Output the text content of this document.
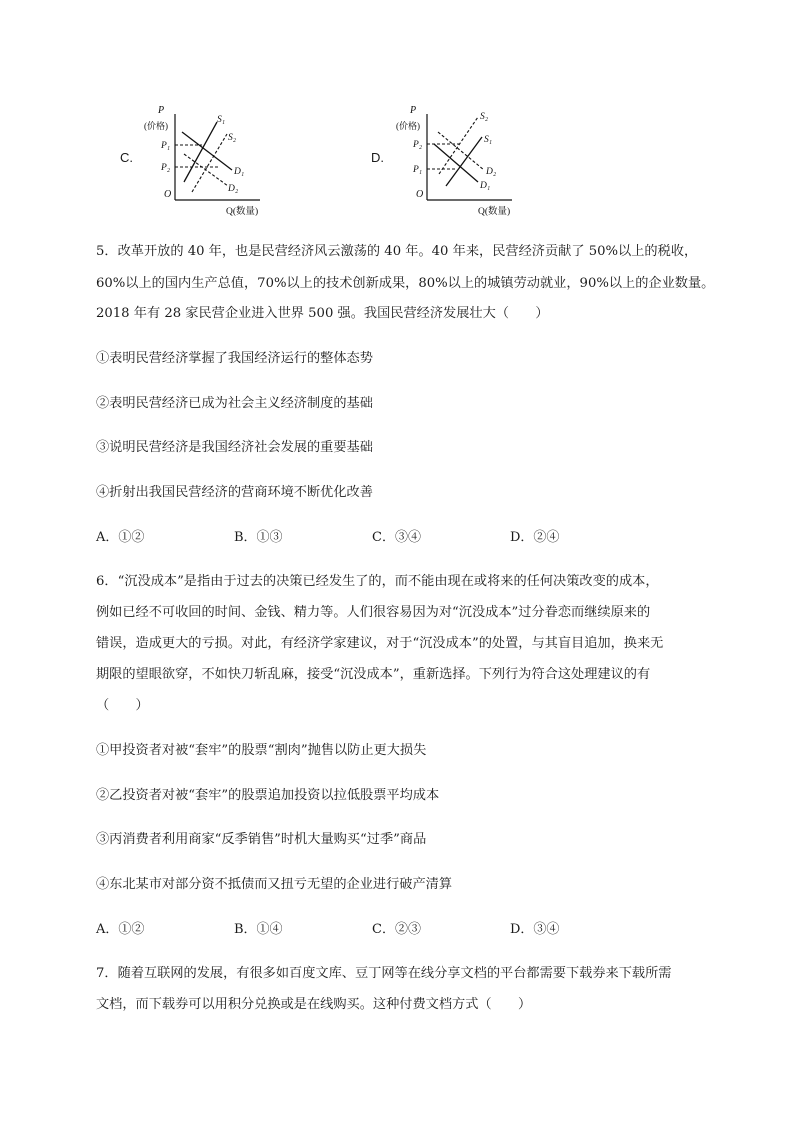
C.
P
(价格)
O
Q(数量)
P₁
P₂
S₁
S₂
D₁
D₂
D.
P
(价格)
O
Q(数量)
P₂
P₁
S₂
S₁
D₂
D₁
5．改革开放的 40 年，也是民营经济风云激荡的 40 年。40 年来，民营经济贡献了 50%以上的税收，
60%以上的国内生产总值，70%以上的技术创新成果，80%以上的城镇劳动就业，90%以上的企业数量。
2018 年有 28 家民营企业进入世界 500 强。我国民营经济发展壮大（　　）
①表明民营经济掌握了我国经济运行的整体态势
②表明民营经济已成为社会主义经济制度的基础
③说明民营经济是我国经济社会发展的重要基础
④折射出我国民营经济的营商环境不断优化改善
A．①②	B．①③	C．③④	D．②④
6．“沉没成本”是指由于过去的决策已经发生了的，而不能由现在或将来的任何决策改变的成本，
例如已经不可收回的时间、金钱、精力等。人们很容易因为对“沉没成本”过分眷恋而继续原来的
错误，造成更大的亏损。对此，有经济学家建议，对于“沉没成本”的处置，与其盲目追加，换来无
期限的望眼欲穿，不如快刀斩乱麻，接受“沉没成本”，重新选择。下列行为符合这处理建议的有
（　　）
①甲投资者对被“套牢”的股票“割肉”抛售以防止更大损失
②乙投资者对被“套牢”的股票追加投资以拉低股票平均成本
③丙消费者利用商家“反季销售”时机大量购买“过季”商品
④东北某市对部分资不抵债而又扭亏无望的企业进行破产清算
A．①②	B．①④	C．②③	D．③④
7．随着互联网的发展，有很多如百度文库、豆丁网等在线分享文档的平台都需要下载券来下载所需
文档，而下载券可以用积分兑换或是在线购买。这种付费文档方式（　　）
